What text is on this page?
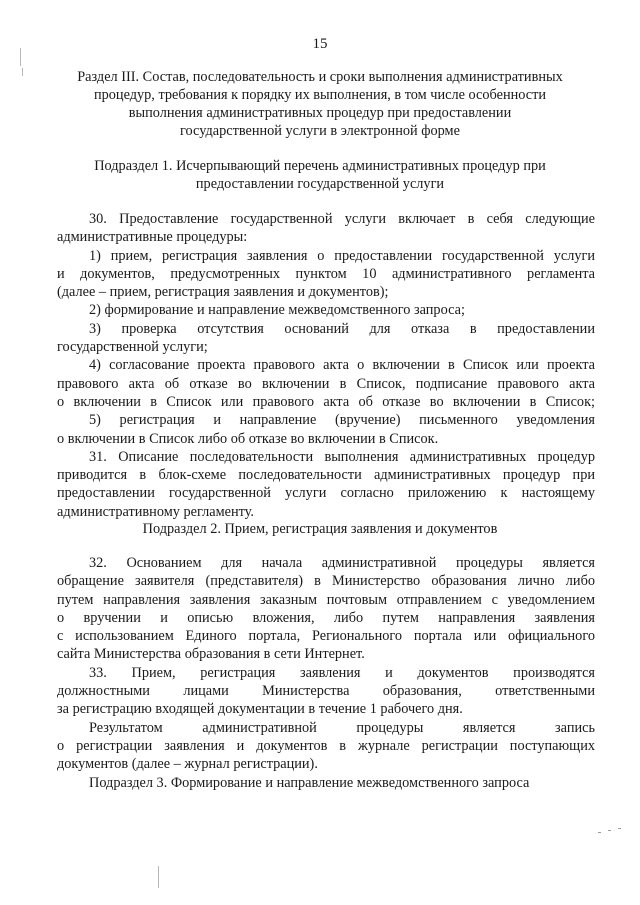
15
Раздел III. Состав, последовательность и сроки выполнения административных
процедур, требования к порядку их выполнения, в том числе особенности
выполнения административных процедур при предоставлении
государственной услуги в электронной форме
Подраздел 1. Исчерпывающий перечень административных процедур при
предоставлении государственной услуги
30. Предоставление государственной услуги включает в себя следующие
административные процедуры:
1) прием, регистрация заявления о предоставлении государственной услуги
и документов, предусмотренных пунктом 10 административного регламента
(далее – прием, регистрация заявления и документов);
2) формирование и направление межведомственного запроса;
3) проверка отсутствия оснований для отказа в предоставлении
государственной услуги;
4) согласование проекта правового акта о включении в Список или проекта
правового акта об отказе во включении в Список, подписание правового акта
о включении в Список или правового акта об отказе во включении в Список;
5) регистрация и направление (вручение) письменного уведомления
о включении в Список либо об отказе во включении в Список.
31. Описание последовательности выполнения административных процедур
приводится в блок-схеме последовательности административных процедур при
предоставлении государственной услуги согласно приложению к настоящему
административному регламенту.
Подраздел 2. Прием, регистрация заявления и документов
32. Основанием для начала административной процедуры является
обращение заявителя (представителя) в Министерство образования лично либо
путем направления заявления заказным почтовым отправлением с уведомлением
о вручении и описью вложения, либо путем направления заявления
с использованием Единого портала, Регионального портала или официального
сайта Министерства образования в сети Интернет.
33. Прием, регистрация заявления и документов производятся
должностными лицами Министерства образования, ответственными
за регистрацию входящей документации в течение 1 рабочего дня.
Результатом административной процедуры является запись
о регистрации заявления и документов в журнале регистрации поступающих
документов (далее – журнал регистрации).
Подраздел 3. Формирование и направление межведомственного запроса
